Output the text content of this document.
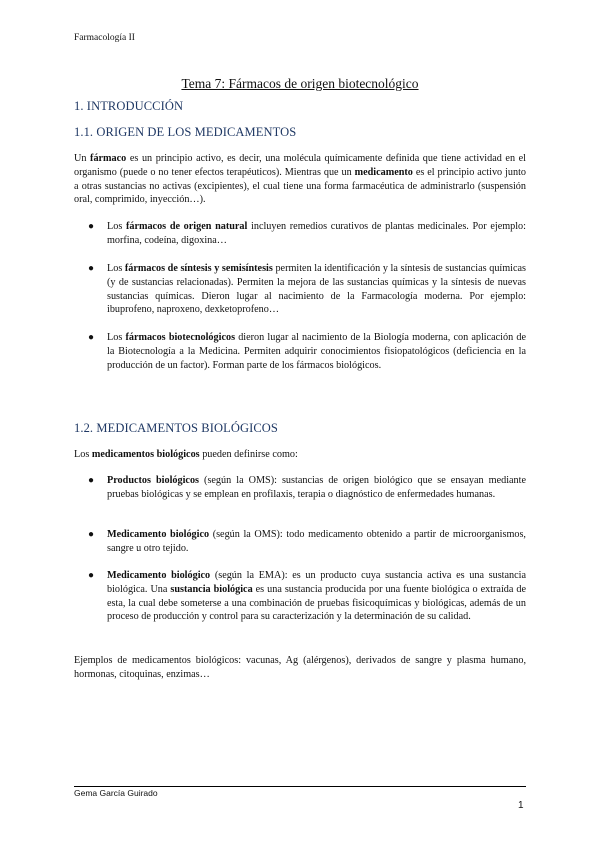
Farmacología II
Tema 7: Fármacos de origen biotecnológico
1. INTRODUCCIÓN
1.1. ORIGEN DE LOS MEDICAMENTOS
Un fármaco es un principio activo, es decir, una molécula químicamente definida que tiene actividad en el organismo (puede o no tener efectos terapéuticos). Mientras que un medicamento es el principio activo junto a otras sustancias no activas (excipientes), el cual tiene una forma farmacéutica de administrarlo (suspensión oral, comprimido, inyección…).
● Los fármacos de origen natural incluyen remedios curativos de plantas medicinales. Por ejemplo: morfina, codeína, digoxina…
● Los fármacos de síntesis y semisíntesis permiten la identificación y la síntesis de sustancias químicas (y de sustancias relacionadas). Permiten la mejora de las sustancias químicas y la síntesis de nuevas sustancias químicas. Dieron lugar al nacimiento de la Farmacología moderna. Por ejemplo: ibuprofeno, naproxeno, dexketoprofeno…
● Los fármacos biotecnológicos dieron lugar al nacimiento de la Biología moderna, con aplicación de la Biotecnología a la Medicina. Permiten adquirir conocimientos fisiopatológicos (deficiencia en la producción de un factor). Forman parte de los fármacos biológicos.
1.2. MEDICAMENTOS BIOLÓGICOS
Los medicamentos biológicos pueden definirse como:
● Productos biológicos (según la OMS): sustancias de origen biológico que se ensayan mediante pruebas biológicas y se emplean en profilaxis, terapia o diagnóstico de enfermedades humanas.
● Medicamento biológico (según la OMS): todo medicamento obtenido a partir de microorganismos, sangre u otro tejido.
● Medicamento biológico (según la EMA): es un producto cuya sustancia activa es una sustancia biológica. Una sustancia biológica es una sustancia producida por una fuente biológica o extraída de esta, la cual debe someterse a una combinación de pruebas fisicoquímicas y biológicas, además de un proceso de producción y control para su caracterización y la determinación de su calidad.
Ejemplos de medicamentos biológicos: vacunas, Ag (alérgenos), derivados de sangre y plasma humano, hormonas, citoquinas, enzimas…
Gema García Guirado
1
